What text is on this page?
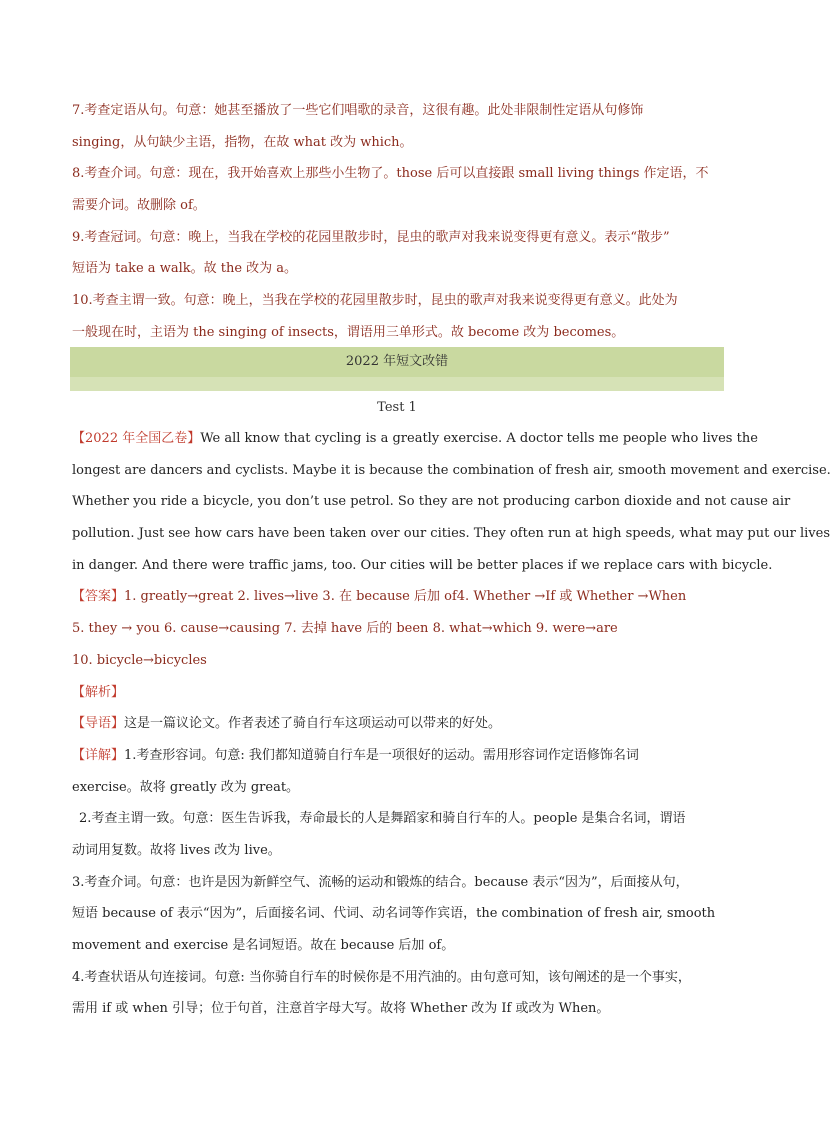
7.考查定语从句。句意：她甚至播放了一些它们唱歌的录音，这很有趣。此处非限制性定语从句修饰
singing，从句缺少主语，指物，在故 what 改为 which。
8.考查介词。句意：现在，我开始喜欢上那些小生物了。those 后可以直接跟 small living things 作定语，不
需要介词。故删除 of。
9.考查冠词。句意：晚上，当我在学校的花园里散步时，昆虫的歌声对我来说变得更有意义。表示“散步”
短语为 take a walk。故 the 改为 a。
10.考查主谓一致。句意：晚上，当我在学校的花园里散步时，昆虫的歌声对我来说变得更有意义。此处为
一般现在时，主语为 the singing of insects，谓语用三单形式。故 become 改为 becomes。
2022 年短文改错
Test 1
【2022 年全国乙卷】We all know that cycling is a greatly exercise. A doctor tells me people who lives the
longest are dancers and cyclists. Maybe it is because the combination of fresh air, smooth movement and exercise.
Whether you ride a bicycle, you don’t use petrol. So they are not producing carbon dioxide and not cause air
pollution. Just see how cars have been taken over our cities. They often run at high speeds, what may put our lives
in danger. And there were traffic jams, too. Our cities will be better places if we replace cars with bicycle.
【答案】1. greatly→great 2. lives→live 3. 在 because 后加 of4. Whether →If 或 Whether →When
5. they → you 6. cause→causing 7. 去掉 have 后的 been 8. what→which 9. were→are
10. bicycle→bicycles
【解析】
【导语】这是一篇议论文。作者表述了骑自行车这项运动可以带来的好处。
【详解】1.考查形容词。句意: 我们都知道骑自行车是一项很好的运动。需用形容词作定语修饰名词
exercise。故将 greatly 改为 great。
2.考查主谓一致。句意：医生告诉我，寿命最长的人是舞蹈家和骑自行车的人。people 是集合名词，谓语
动词用复数。故将 lives 改为 live。
3.考查介词。句意：也许是因为新鲜空气、流畅的运动和锻炼的结合。because 表示“因为”，后面接从句，
短语 because of 表示“因为”，后面接名词、代词、动名词等作宾语，the combination of fresh air, smooth
movement and exercise 是名词短语。故在 because 后加 of。
4.考查状语从句连接词。句意: 当你骑自行车的时候你是不用汽油的。由句意可知，该句阐述的是一个事实，
需用 if 或 when 引导；位于句首，注意首字母大写。故将 Whether 改为 If 或改为 When。
